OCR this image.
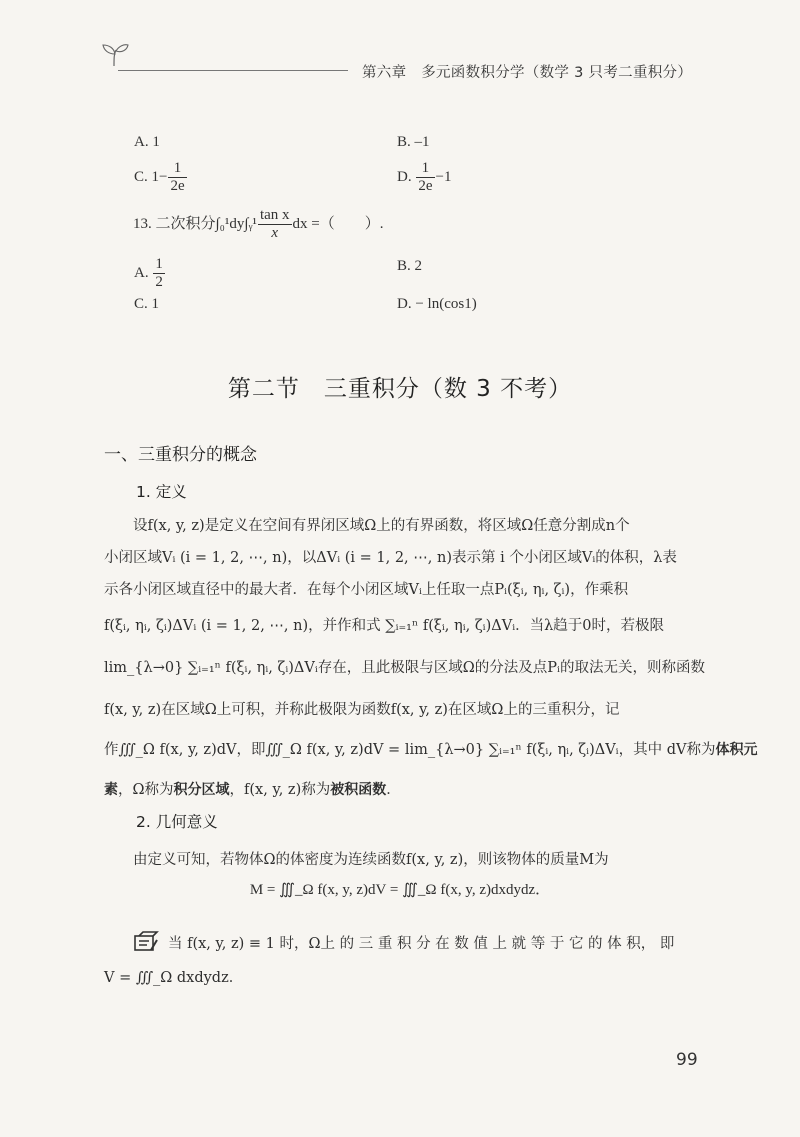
第六章　多元函数积分学（数学 3 只考二重积分）
A. 1	B. –1
C. $1- \frac{1}{2e}$	D. $\frac{1}{2e} -1$
13. 二次积分∫₀¹dy∫ᵧ¹ $\frac{\text{tan x}}{x}$ dx =（　　）.
A. $\frac{1}{2}$	B. 2
C. 1	D. − ln(cos1)
第二节　三重积分（数 3 不考）
一、三重积分的概念
1. 定义
设f(x, y, z)是定义在空间有界闭区域Ω上的有界函数，将区域Ω任意分割成n个
小闭区域Vᵢ (i = 1, 2, ⋯, n)，以ΔVᵢ (i = 1, 2, ⋯, n)表示第 i 个小闭区域Vᵢ的体积，λ表
示各小闭区域直径中的最大者．在每个小闭区域Vᵢ上任取一点Pᵢ(ξᵢ, ηᵢ, ζᵢ)，作乘积
f(ξᵢ, ηᵢ, ζᵢ)ΔVᵢ (i = 1, 2, ⋯, n)，并作和式 ∑ᵢ₌₁ⁿ f(ξᵢ, ηᵢ, ζᵢ)ΔVᵢ．当λ趋于0时，若极限
lim_{λ→0} ∑ᵢ₌₁ⁿ f(ξᵢ, ηᵢ, ζᵢ)ΔVᵢ存在，且此极限与区域Ω的分法及点Pᵢ的取法无关，则称函数
f(x, y, z)在区域Ω上可积，并称此极限为函数f(x, y, z)在区域Ω上的三重积分，记
作∭_Ω f(x, y, z)dV，即∭_Ω f(x, y, z)dV = lim_{λ→0} ∑ᵢ₌₁ⁿ f(ξᵢ, ηᵢ, ζᵢ)ΔVᵢ，其中 dV称为体积元
素，Ω称为积分区域，f(x, y, z)称为被积函数．
2. 几何意义
由定义可知，若物体Ω的体密度为连续函数f(x, y, z)，则该物体的质量M为
M = ∭_Ω f(x, y, z)dV = ∭_Ω f(x, y, z)dxdydz．
当 f(x, y, z) ≡ 1 时，Ω上 的 三 重 积 分 在 数 值 上 就 等 于 它 的 体 积， 即
V = ∭_Ω dxdydz．
99
